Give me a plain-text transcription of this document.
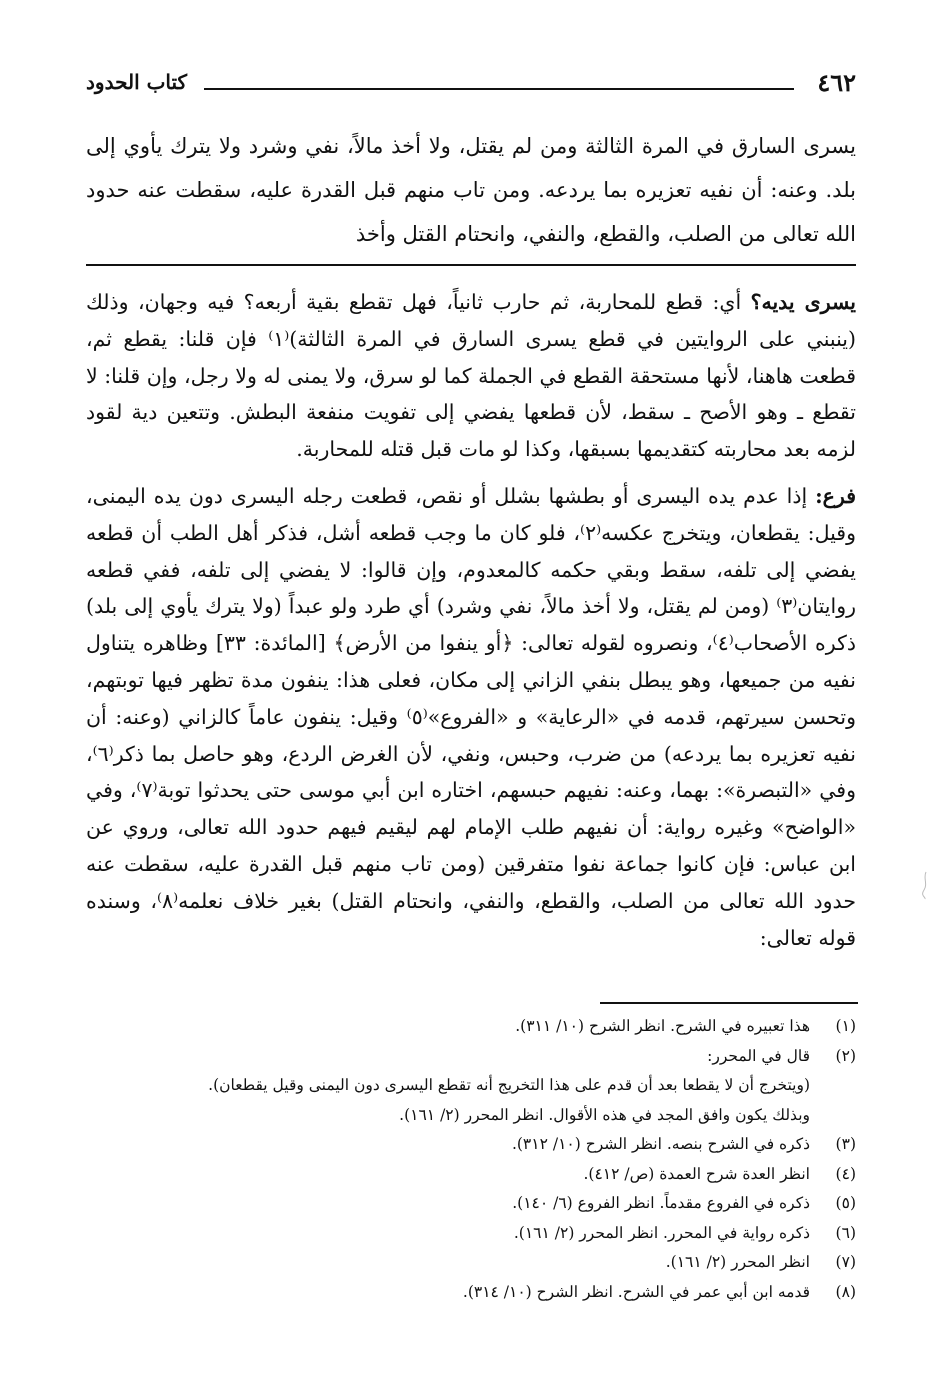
٤٦٢
كتاب الحدود
يسرى السارق في المرة الثالثة ومن لم يقتل، ولا أخذ مالاً، نفي وشرد ولا يترك يأوي إلى بلد. وعنه: أن نفيه تعزيره بما يردعه. ومن تاب منهم قبل القدرة عليه، سقطت عنه حدود الله تعالى من الصلب، والقطع، والنفي، وانحتام القتل وأخذ

يسرى يديه؟ أي: قطع للمحاربة، ثم حارب ثانياً، فهل تقطع بقية أربعه؟ فيه وجهان، وذلك (ينبني على الروايتين في قطع يسرى السارق في المرة الثالثة)⁽١⁾ فإن قلنا: يقطع ثم، قطعت هاهنا، لأنها مستحقة القطع في الجملة كما لو سرق، ولا يمنى له ولا رجل، وإن قلنا: لا تقطع ـ وهو الأصح ـ سقط، لأن قطعها يفضي إلى تفويت منفعة البطش. وتتعين دية لقود لزمه بعد محاربته كتقديمها بسبقها، وكذا لو مات قبل قتله للمحاربة.

فرع: إذا عدم يده اليسرى أو بطشها بشلل أو نقص، قطعت رجله اليسرى دون يده اليمنى، وقيل: يقطعان، ويتخرج عكسه⁽٢⁾، فلو كان ما وجب قطعه أشل، فذكر أهل الطب أن قطعه يفضي إلى تلفه، سقط وبقي حكمه كالمعدوم، وإن قالوا: لا يفضي إلى تلفه، ففي قطعه روايتان⁽٣⁾ (ومن لم يقتل، ولا أخذ مالاً، نفي وشرد) أي طرد ولو عبداً (ولا يترك يأوي إلى بلد) ذكره الأصحاب⁽٤⁾، ونصروه لقوله تعالى: ﴿أو ينفوا من الأرض﴾ [المائدة: ٣٣] وظاهره يتناول نفيه من جميعها، وهو يبطل بنفي الزاني إلى مكان، فعلى هذا: ينفون مدة تظهر فيها توبتهم، وتحسن سيرتهم، قدمه في «الرعاية» و «الفروع»⁽٥⁾ وقيل: ينفون عاماً كالزاني (وعنه: أن نفيه تعزيره بما يردعه) من ضرب، وحبس، ونفي، لأن الغرض الردع، وهو حاصل بما ذكر⁽٦⁾، وفي «التبصرة»: بهما، وعنه: نفيهم حبسهم، اختاره ابن أبي موسى حتى يحدثوا توبة⁽٧⁾، وفي «الواضح» وغيره رواية: أن نفيهم طلب الإمام لهم ليقيم فيهم حدود الله تعالى، وروي عن ابن عباس: فإن كانوا جماعة نفوا متفرقين (ومن تاب منهم قبل القدرة عليه، سقطت عنه حدود الله تعالى من الصلب، والقطع، والنفي، وانحتام القتل) بغير خلاف نعلمه⁽٨⁾، وسنده قوله تعالى:

(١)
هذا تعبيره في الشرح. انظر الشرح (١٠/ ٣١١).
(٢)
قال في المحرر:
(ويتخرج أن لا يقطعا بعد أن قدم على هذا التخريج أنه تقطع اليسرى دون اليمنى وقيل يقطعان).
وبذلك يكون وافق المجد في هذه الأقوال. انظر المحرر (٢/ ١٦١).
(٣)
ذكره في الشرح بنصه. انظر الشرح (١٠/ ٣١٢).
(٤)
انظر العدة شرح العمدة (ص/ ٤١٢).
(٥)
ذكره في الفروع مقدماً. انظر الفروع (٦/ ١٤٠).
(٦)
ذكره رواية في المحرر. انظر المحرر (٢/ ١٦١).
(٧)
انظر المحرر (٢/ ١٦١).
(٨)
قدمه ابن أبي عمر في الشرح. انظر الشرح (١٠/ ٣١٤).
